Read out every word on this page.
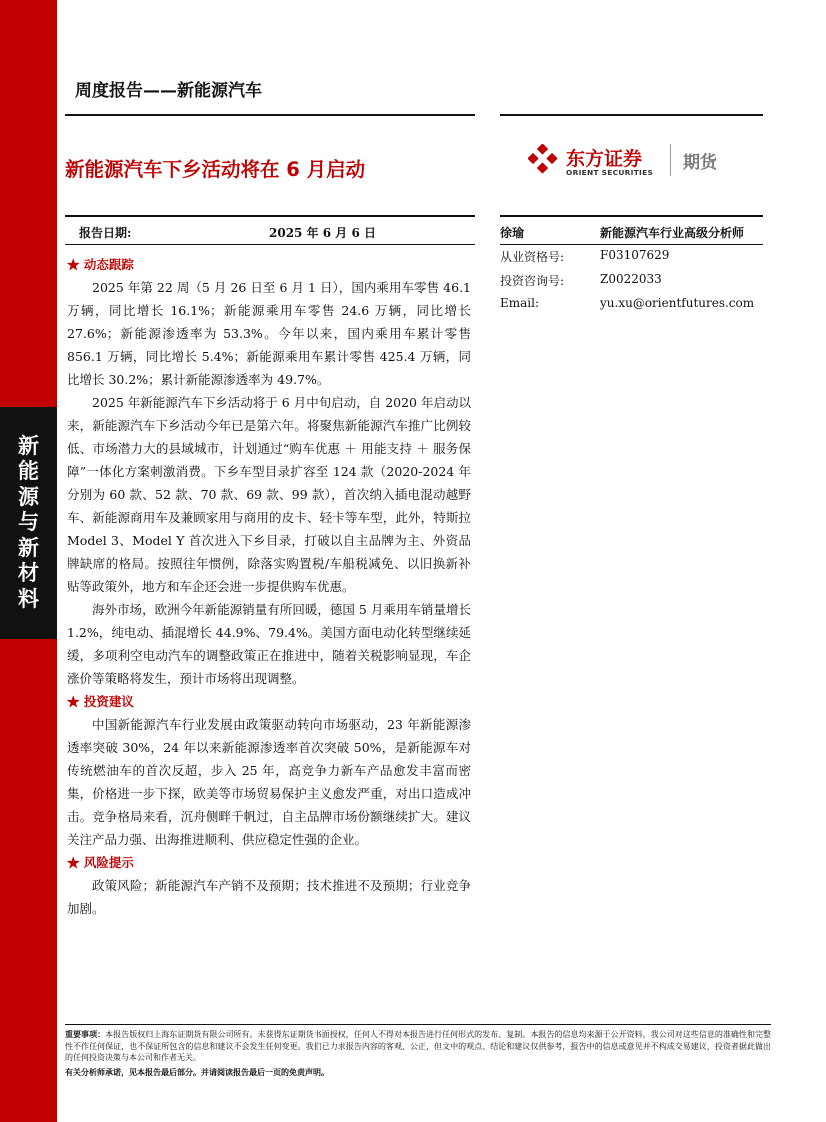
新
能
源
与
新
材
料
周度报告——新能源汽车
新能源汽车下乡活动将在 6 月启动	东方证券
ORIENT SECURITIES 期货
报告日期:	2025 年 6 月 6 日	徐瑜	新能源汽车行业高级分析师
从业资格号:	F03107629
投资咨询号:	Z0022033
Email:	yu.xu@orientfutures.com
★ 动态跟踪

2025 年第 22 周（5 月 26 日至 6 月 1 日），国内乘用车零售 46.1 万辆，同比增长 16.1%；新能源乘用车零售 24.6 万辆，同比增长 27.6%；新能源渗透率为 53.3%。今年以来，国内乘用车累计零售 856.1 万辆，同比增长 5.4%；新能源乘用车累计零售 425.4 万辆，同比增长 30.2%；累计新能源渗透率为 49.7%。

2025 年新能源汽车下乡活动将于 6 月中旬启动，自 2020 年启动以来，新能源汽车下乡活动今年已是第六年。将聚焦新能源汽车推广比例较低、市场潜力大的县域城市，计划通过“购车优惠 ＋ 用能支持 ＋ 服务保障”一体化方案刺激消费。下乡车型目录扩容至 124 款（2020-2024 年分别为 60 款、52 款、70 款、69 款、99 款），首次纳入插电混动越野车、新能源商用车及兼顾家用与商用的皮卡、轻卡等车型，此外，特斯拉 Model 3、Model Y 首次进入下乡目录，打破以自主品牌为主、外资品牌缺席的格局。按照往年惯例，除落实购置税/车船税减免、以旧换新补贴等政策外，地方和车企还会进一步提供购车优惠。

海外市场，欧洲今年新能源销量有所回暖，德国 5 月乘用车销量增长 1.2%，纯电动、插混增长 44.9%、79.4%。美国方面电动化转型继续延缓，多项利空电动汽车的调整政策正在推进中，随着关税影响显现，车企涨价等策略将发生，预计市场将出现调整。

★ 投资建议

中国新能源汽车行业发展由政策驱动转向市场驱动，23 年新能源渗透率突破 30%，24 年以来新能源渗透率首次突破 50%，是新能源车对传统燃油车的首次反超，步入 25 年，高竞争力新车产品愈发丰富而密集，价格进一步下探，欧美等市场贸易保护主义愈发严重，对出口造成冲击。竞争格局来看，沉舟侧畔千帆过，自主品牌市场份额继续扩大。建议关注产品力强、出海推进顺利、供应稳定性强的企业。

★ 风险提示

政策风险；新能源汽车产销不及预期；技术推进不及预期；行业竞争加剧。

重要事项：本报告版权归上海东证期货有限公司所有。未获得东证期货书面授权，任何人不得对本报告进行任何形式的发布、复制。本报告的信息均来源于公开资料，我公司对这些信息的准确性和完整性不作任何保证，也不保证所包含的信息和建议不会发生任何变更。我们已力求报告内容的客观、公正，但文中的观点、结论和建议仅供参考，报告中的信息或意见并不构成交易建议，投资者据此做出的任何投资决策与本公司和作者无关。
有关分析师承诺，见本报告最后部分。并请阅读报告最后一页的免责声明。
